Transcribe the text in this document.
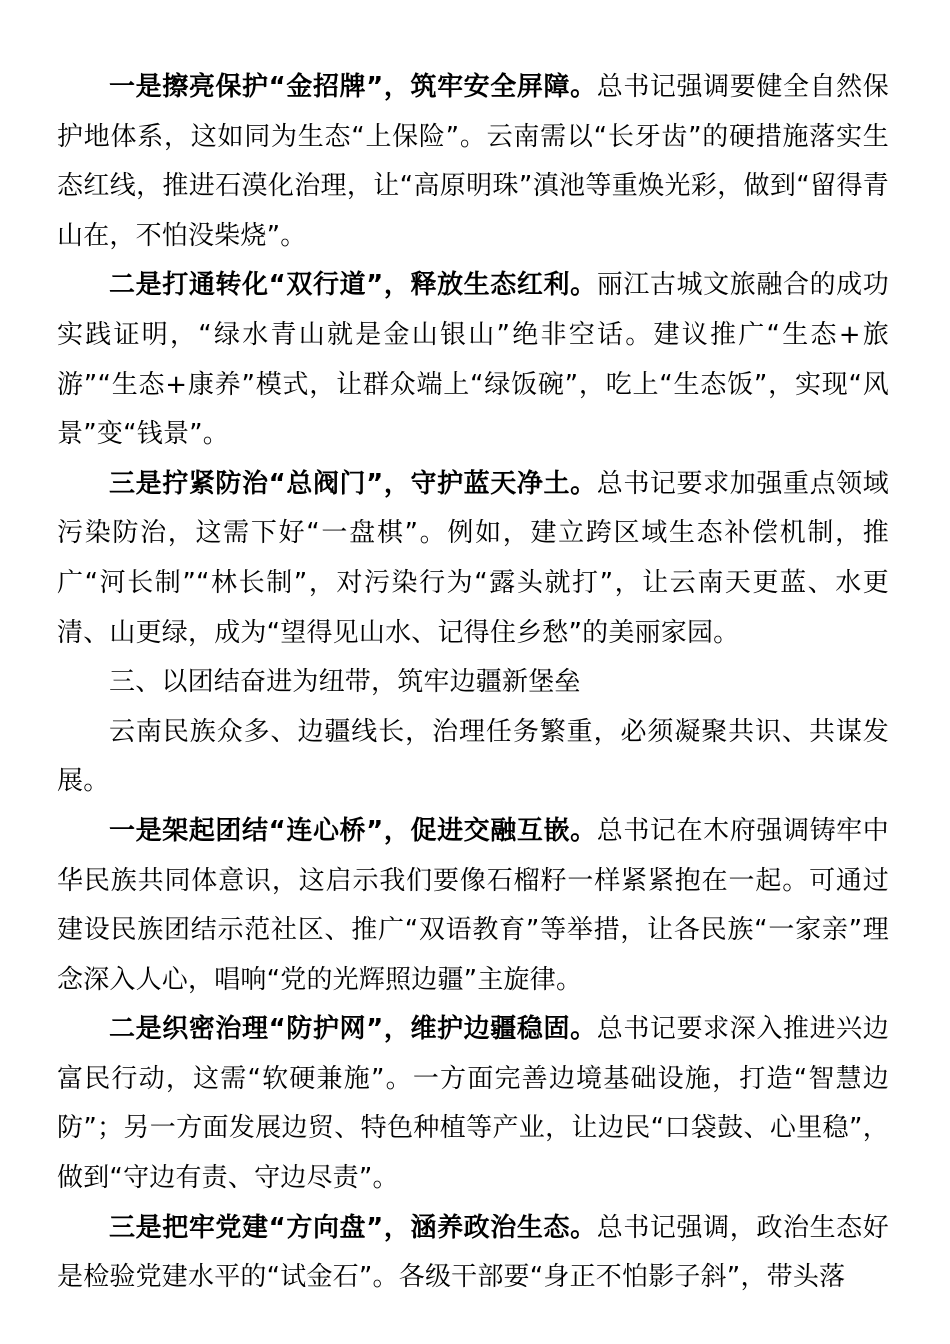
一是擦亮保护“金招牌”，筑牢安全屏障。总书记强调要健全自然保护地体系，这如同为生态“上保险”。云南需以“长牙齿”的硬措施落实生态红线，推进石漠化治理，让“高原明珠”滇池等重焕光彩，做到“留得青山在，不怕没柴烧”。

二是打通转化“双行道”，释放生态红利。丽江古城文旅融合的成功实践证明，“绿水青山就是金山银山”绝非空话。建议推广“生态+旅游”“生态+康养”模式，让群众端上“绿饭碗”，吃上“生态饭”，实现“风景”变“钱景”。

三是拧紧防治“总阀门”，守护蓝天净土。总书记要求加强重点领域污染防治，这需下好“一盘棋”。例如，建立跨区域生态补偿机制，推广“河长制”“林长制”，对污染行为“露头就打”，让云南天更蓝、水更清、山更绿，成为“望得见山水、记得住乡愁”的美丽家园。

三、以团结奋进为纽带，筑牢边疆新堡垒

云南民族众多、边疆线长，治理任务繁重，必须凝聚共识、共谋发展。

一是架起团结“连心桥”，促进交融互嵌。总书记在木府强调铸牢中华民族共同体意识，这启示我们要像石榴籽一样紧紧抱在一起。可通过建设民族团结示范社区、推广“双语教育”等举措，让各民族“一家亲”理念深入人心，唱响“党的光辉照边疆”主旋律。

二是织密治理“防护网”，维护边疆稳固。总书记要求深入推进兴边富民行动，这需“软硬兼施”。一方面完善边境基础设施，打造“智慧边防”；另一方面发展边贸、特色种植等产业，让边民“口袋鼓、心里稳”，做到“守边有责、守边尽责”。

三是把牢党建“方向盘”，涵养政治生态。总书记强调，政治生态好是检验党建水平的“试金石”。各级干部要“身正不怕影子斜”，带头落
